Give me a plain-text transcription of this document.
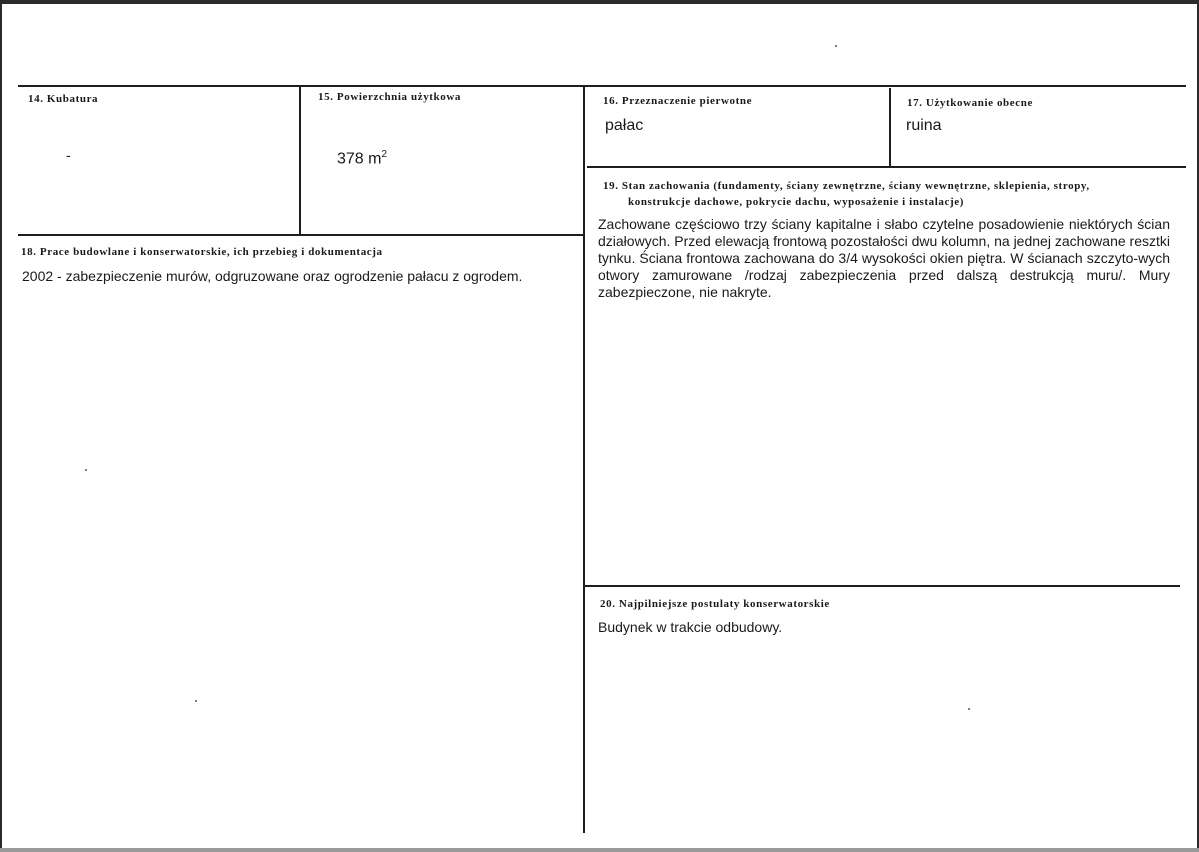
14. Kubatura
-
15. Powierzchnia użytkowa
378 $m^2$
16. Przeznaczenie pierwotne
pałac
17. Użytkowanie obecne
ruina
18. Prace budowlane i konserwatorskie, ich przebieg i dokumentacja
2002 - zabezpieczenie murów, odgruzowane oraz ogrodzenie pałacu z ogrodem.
19. Stan zachowania (fundamenty, ściany zewnętrzne, ściany wewnętrzne, sklepienia, stropy,
konstrukcje dachowe, pokrycie dachu, wyposażenie i instalacje)
Zachowane częściowo trzy ściany kapitalne i słabo czytelne posadowienie niektórych ścian działowych. Przed elewacją frontową pozostałości dwu kolumn, na jednej zachowane resztki tynku. Ściana frontowa zachowana do 3/4 wysokości okien piętra. W ścianach szczyto-wych otwory zamurowane /rodzaj zabezpieczenia przed dalszą destrukcją muru/. Mury zabezpieczone, nie nakryte.
20. Najpilniejsze postulaty konserwatorskie
Budynek w trakcie odbudowy.
